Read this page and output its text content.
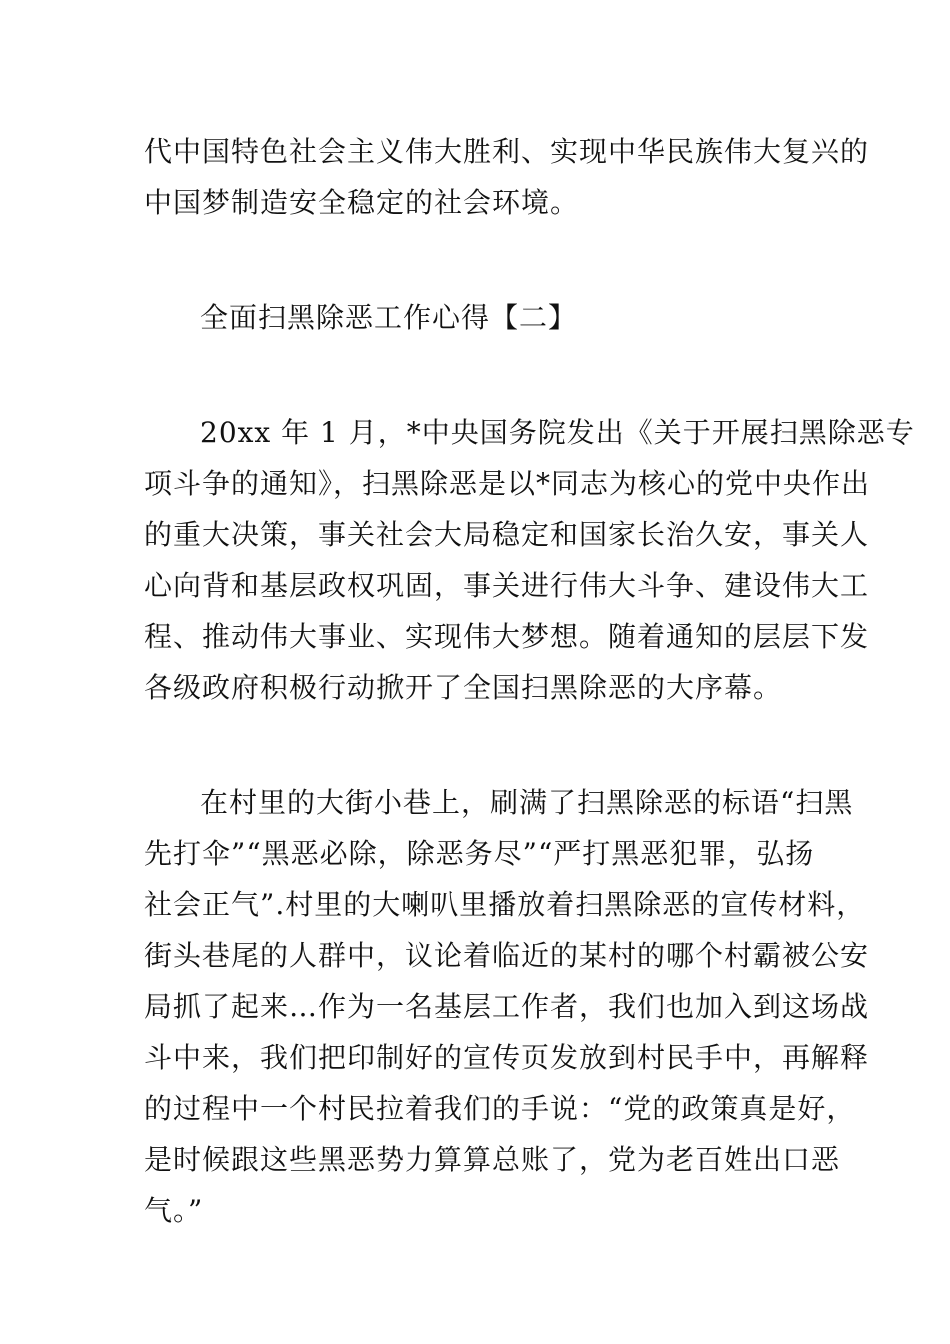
代中国特色社会主义伟大胜利、实现中华民族伟大复兴的
中国梦制造安全稳定的社会环境。
全面扫黑除恶工作心得【二】
20xx 年 1 月，*中央国务院发出《关于开展扫黑除恶专
项斗争的通知》，扫黑除恶是以*同志为核心的党中央作出
的重大决策，事关社会大局稳定和国家长治久安，事关人
心向背和基层政权巩固，事关进行伟大斗争、建设伟大工
程、推动伟大事业、实现伟大梦想。随着通知的层层下发
各级政府积极行动掀开了全国扫黑除恶的大序幕。
在村里的大街小巷上，刷满了扫黑除恶的标语“扫黑
先打伞”“黑恶必除，除恶务尽”“严打黑恶犯罪，弘扬
社会正气”.村里的大喇叭里播放着扫黑除恶的宣传材料，
街头巷尾的人群中，议论着临近的某村的哪个村霸被公安
局抓了起来…作为一名基层工作者，我们也加入到这场战
斗中来，我们把印制好的宣传页发放到村民手中，再解释
的过程中一个村民拉着我们的手说：“党的政策真是好，
是时候跟这些黑恶势力算算总账了，党为老百姓出口恶
气。”
